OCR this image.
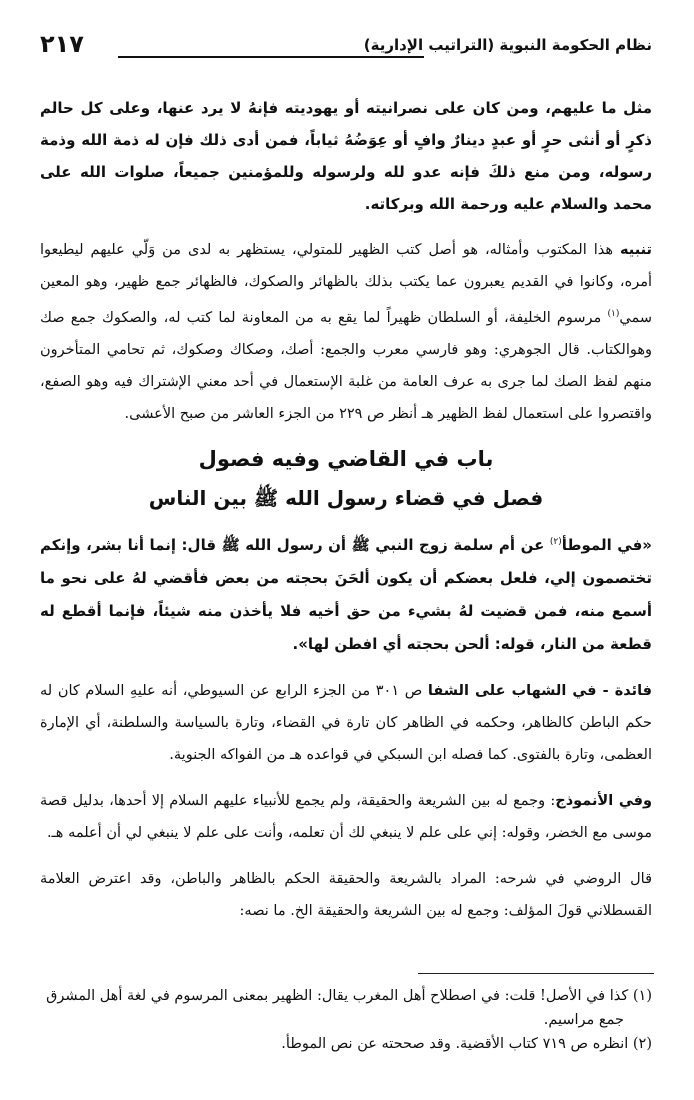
نظام الحكومة النبوية (التراتيب الإدارية)
٢١٧

مثل ما عليهم، ومن كان على نصرانيته أو يهوديته فإنهُ لا يرد عنها، وعلى كل حالم ذكرٍ أو أنثى حرٍ أو عبدٍ دينارٌ وافٍ أو عِوَضُهُ ثياباً، فمن أدى ذلك فإن له ذمة الله وذمة رسوله، ومن منع ذلكَ فإنه عدو لله ولرسوله وللمؤمنين جميعاً، صلوات الله على محمد والسلام عليه ورحمة الله وبركاته.

تنبيه هذا المكتوب وأمثاله، هو أصل كتب الظهير للمتولي، يستظهر به لدى من وَلّي عليهم ليطيعوا أمره، وكانوا في القديم يعبرون عما يكتب بذلك بالظهائر والصكوك، فالظهائر جمع ظهير، وهو المعين سمي$^{(١)}$ مرسوم الخليفة، أو السلطان ظهيراً لما يقع به من المعاونة لما كتب له، والصكوك جمع صك وهوالكتاب. قال الجوهري: وهو فارسي معرب والجمع: أصك، وصكاك وصكوك، ثم تحامي المتأخرون منهم لفظ الصك لما جرى به عرف العامة من غلبة الإستعمال في أحد معني الإشتراك فيه وهو الصفع، واقتصروا على استعمال لفظ الظهير هـ أنظر ص ٢٢٩ من الجزء العاشر من صبح الأعشى.

باب في القاضي وفيه فصول
فصل في قضاء رسول الله ﷺ بين الناس

«في الموطأ$^{(٢)}$ عن أم سلمة زوج النبي ﷺ أن رسول الله ﷺ قال: إنما أنا بشر، وإنكم تختصمون إلي، فلعل بعضكم أن يكون ألحَنَ بحجته من بعض فأقضي لهُ على نحو ما أسمع منه، فمن قضيت لهُ بشيء من حق أخيه فلا يأخذن منه شيئاً، فإنما أقطع له قطعة من النار، قوله: ألحن بحجته أي افطن لها».

فائدة - في الشهاب على الشفا ص ٣٠١ من الجزء الرابع عن السيوطي، أنه عليهِ السلام كان له حكم الباطن كالظاهر، وحكمه في الظاهر كان تارة في القضاء، وتارة بالسياسة والسلطنة، أي الإمارة العظمى، وتارة بالفتوى. كما فصله ابن السبكي في قواعده هـ من الفواكه الجنوية.

وفي الأنموذج: وجمع له بين الشريعة والحقيقة، ولم يجمع للأنبياء عليهم السلام إلا أحدها، بدليل قصة موسى مع الخضر، وقوله: إني على علم لا ينبغي لك أن تعلمه، وأنت على علم لا ينبغي لي أن أعلمه هـ.

قال الروضي في شرحه: المراد بالشريعة والحقيقة الحكم بالظاهر والباطن، وقد اعترض العلامة القسطلاني قولَ المؤلف: وجمع له بين الشريعة والحقيقة الخ. ما نصه:

(١) كذا في الأصل! قلت: في اصطلاح أهل المغرب يقال: الظهير بمعنى المرسوم في لغة أهل المشرق
جمع مراسيم.

(٢) انظره ص ٧١٩ كتاب الأقضية. وقد صححته عن نص الموطأ.
